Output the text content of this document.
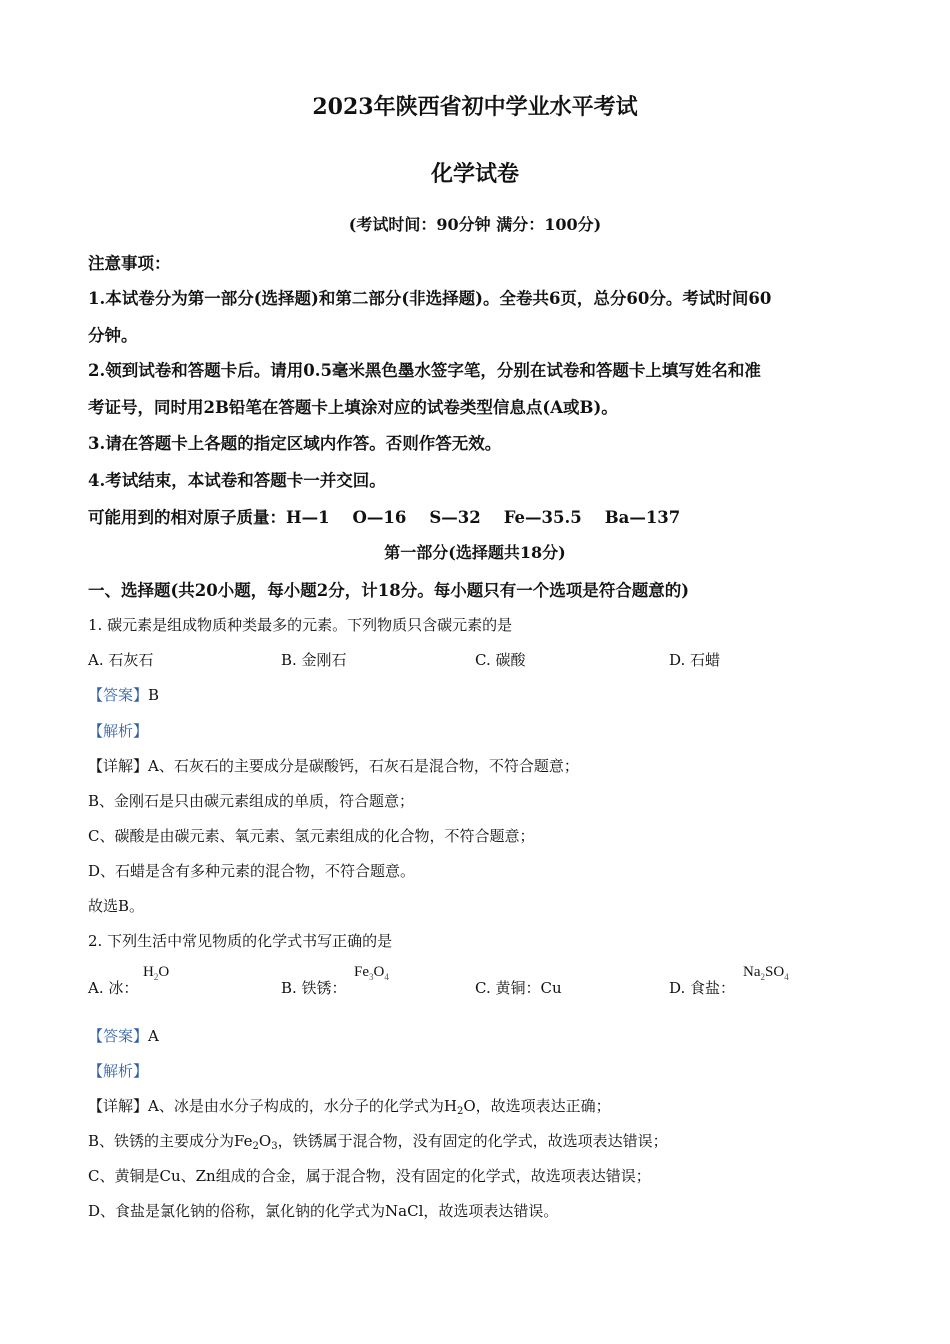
2023年陕西省初中学业水平考试
化学试卷
(考试时间：90分钟 满分：100分)
注意事项：
1.本试卷分为第一部分(选择题)和第二部分(非选择题)。全卷共6页，总分60分。考试时间60
分钟。
2.领到试卷和答题卡后。请用0.5毫米黑色墨水签字笔，分别在试卷和答题卡上填写姓名和准
考证号，同时用2B铅笔在答题卡上填涂对应的试卷类型信息点(A或B)。
3.请在答题卡上各题的指定区域内作答。否则作答无效。
4.考试结束，本试卷和答题卡一并交回。
可能用到的相对原子质量：H—1    O—16    S—32    Fe—35.5    Ba—137
第一部分(选择题共18分)
一、选择题(共20小题，每小题2分，计18分。每小题只有一个选项是符合题意的)
1. 碳元素是组成物质种类最多的元素。下列物质只含碳元素的是
A. 石灰石	B. 金刚石	C. 碳酸	D. 石蜡
【答案】B
【解析】
【详解】A、石灰石的主要成分是碳酸钙，石灰石是混合物，不符合题意；
B、金刚石是只由碳元素组成的单质，符合题意；
C、碳酸是由碳元素、氧元素、氢元素组成的化合物，不符合题意；
D、石蜡是含有多种元素的混合物，不符合题意。
故选B。
2. 下列生活中常见物质的化学式书写正确的是
A. 冰：
$H_2O$
B. 铁锈：
$Fe_3O_4$
C. 黄铜：Cu	D. 食盐：
$Na_2SO_4$
【答案】A
【解析】
【详解】A、冰是由水分子构成的，水分子的化学式为$H_2O$，故选项表达正确；
B、铁锈的主要成分为$Fe_2O_3$，铁锈属于混合物，没有固定的化学式，故选项表达错误；
C、黄铜是Cu、Zn组成的合金，属于混合物，没有固定的化学式，故选项表达错误；
D、食盐是氯化钠的俗称，氯化钠的化学式为NaCl，故选项表达错误。
